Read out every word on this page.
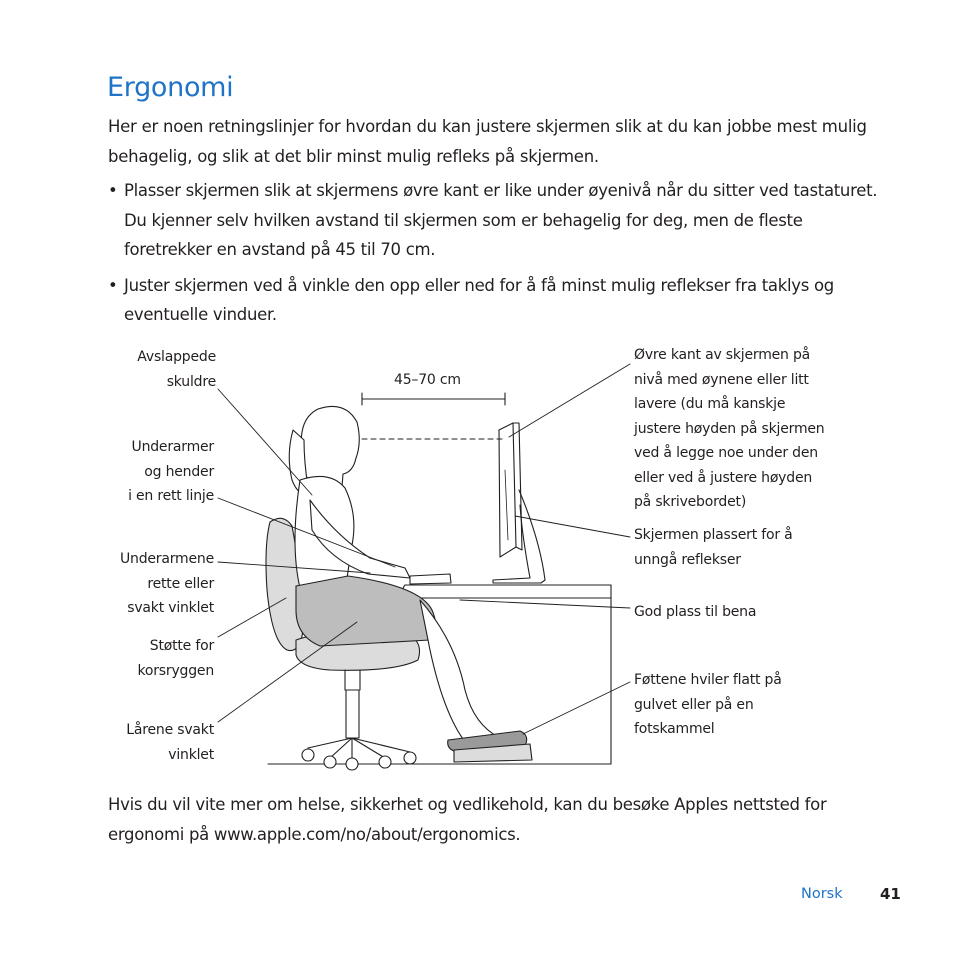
Ergonomi

Her er noen retningslinjer for hvordan du kan justere skjermen slik at du kan jobbe mest mulig behagelig, og slik at det blir minst mulig refleks på skjermen.

• Plasser skjermen slik at skjermens øvre kant er like under øyenivå når du sitter ved tastaturet. Du kjenner selv hvilken avstand til skjermen som er behagelig for deg, men de fleste foretrekker en avstand på 45 til 70 cm.
• Juster skjermen ved å vinkle den opp eller ned for å få minst mulig reflekser fra taklys og eventuelle vinduer.
45–70 cm
Avslappede
skuldre
Underarmer
og hender
i en rett linje
Underarmene
rette eller
svakt vinklet
Støtte for
korsryggen
Lårene svakt
vinklet
Øvre kant av skjermen på
nivå med øynene eller litt
lavere (du må kanskje
justere høyden på skjermen
ved å legge noe under den
eller ved å justere høyden
på skrivebordet)
Skjermen plassert for å
unngå reflekser
God plass til bena
Føttene hviler flatt på
gulvet eller på en
fotskammel

Hvis du vil vite mer om helse, sikkerhet og vedlikehold, kan du besøke Apples nettsted for ergonomi på www.apple.com/no/about/ergonomics.

Norsk 41
